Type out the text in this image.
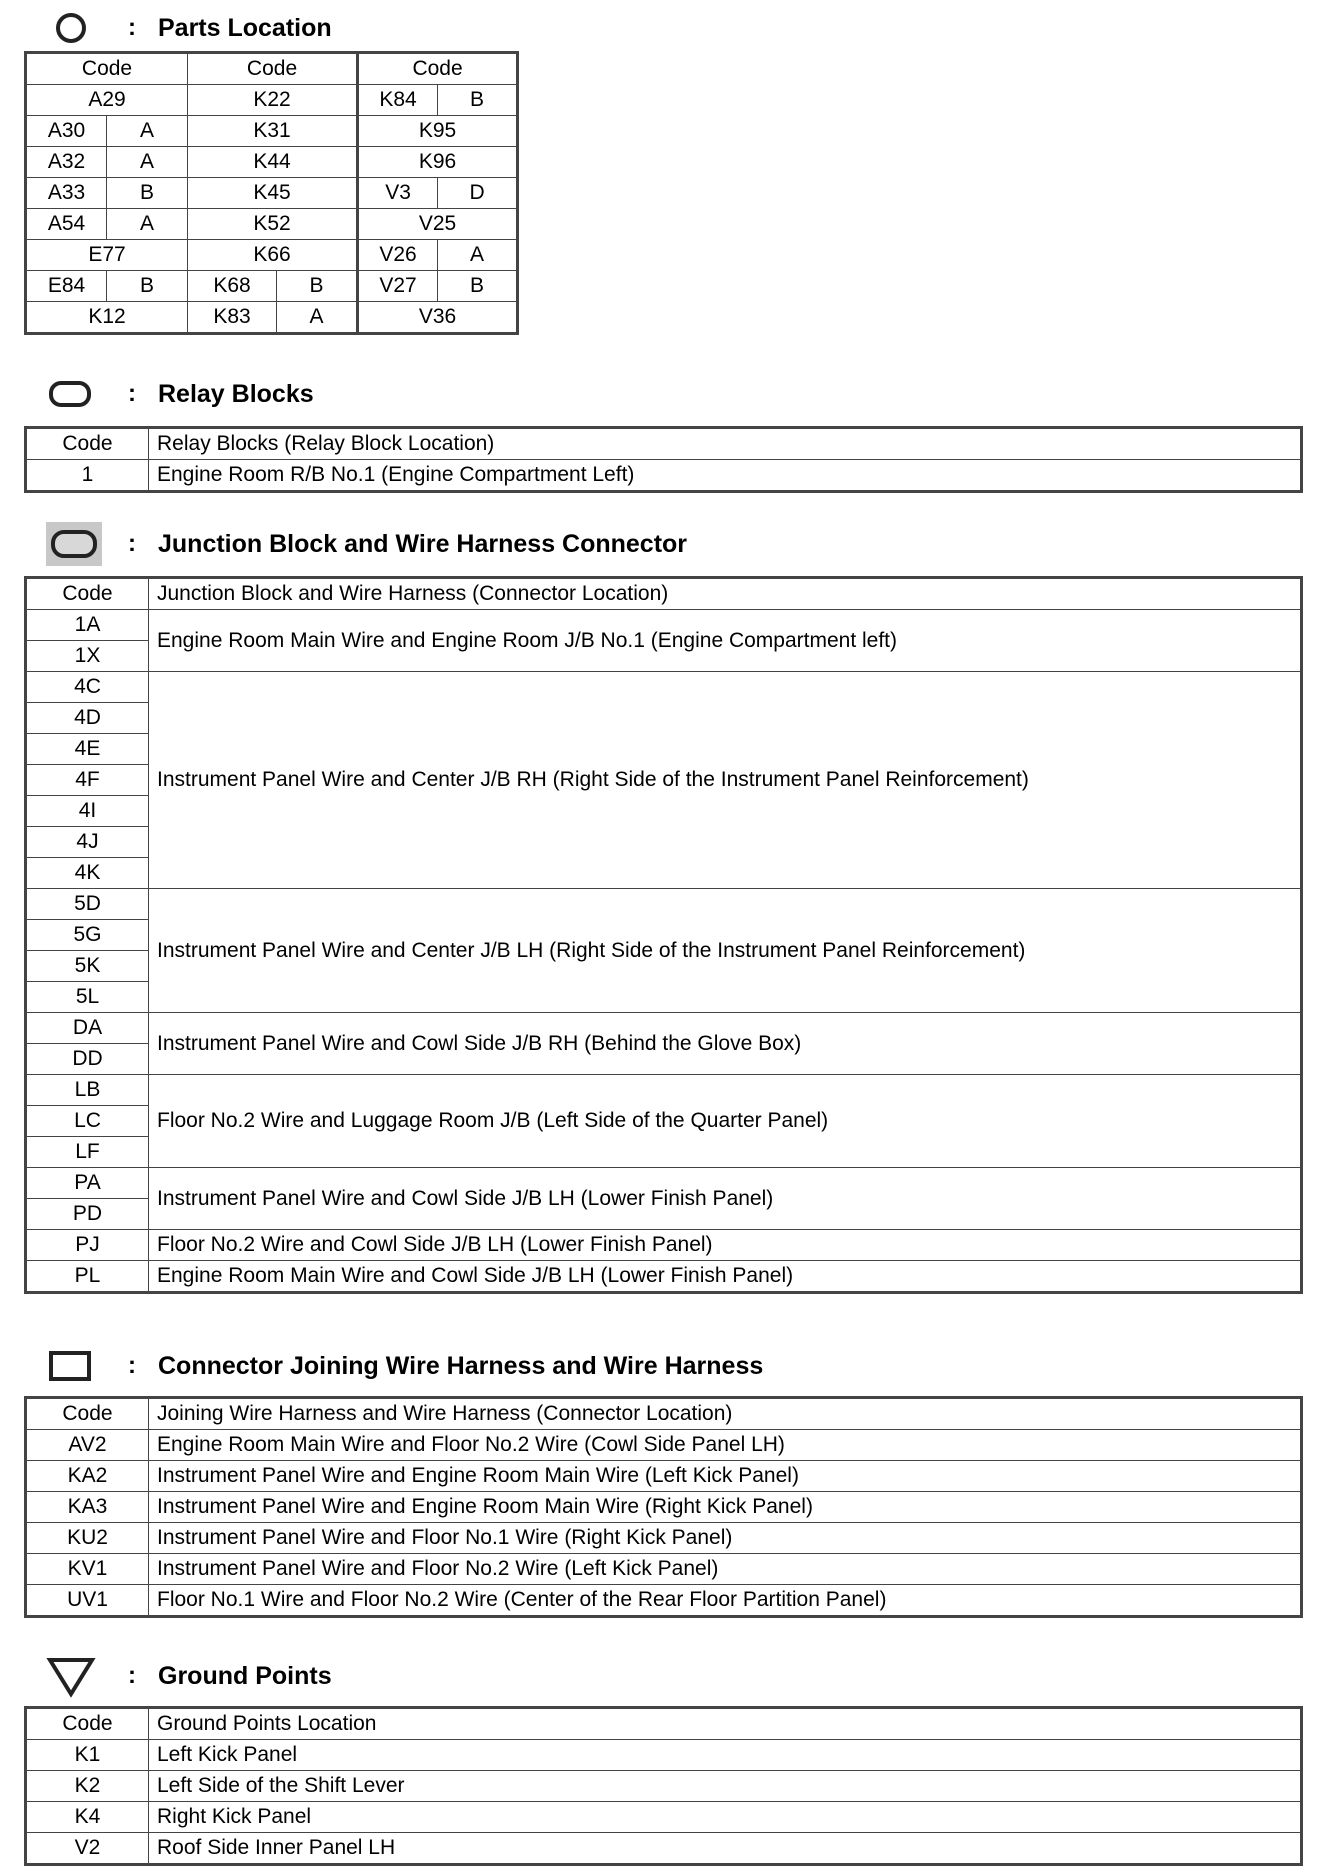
: Parts Location
Code		Code		Code	
A29		K22		K84	B
A30	A	K31		K95	
A32	A	K44		K96	
A33	B	K45		V3	D
A54	A	K52		V25	
E77		K66		V26	A
E84	B	K68	B	V27	B
K12		K83	A	V36	
: Relay Blocks
Code	Relay Blocks (Relay Block Location)
1	Engine Room R/B No.1 (Engine Compartment Left)
: Junction Block and Wire Harness Connector
Code	Junction Block and Wire Harness (Connector Location)
1A	Engine Room Main Wire and Engine Room J/B No.1 (Engine Compartment left)
1X	
4C	Instrument Panel Wire and Center J/B RH (Right Side of the Instrument Panel Reinforcement)
4D	
4E	
4F	
4I	
4J	
4K	
5D	Instrument Panel Wire and Center J/B LH (Right Side of the Instrument Panel Reinforcement)
5G	
5K	
5L	
DA	Instrument Panel Wire and Cowl Side J/B RH (Behind the Glove Box)
DD	
LB	Floor No.2 Wire and Luggage Room J/B (Left Side of the Quarter Panel)
LC	
LF	
PA	Instrument Panel Wire and Cowl Side J/B LH (Lower Finish Panel)
PD	
PJ	Floor No.2 Wire and Cowl Side J/B LH (Lower Finish Panel)
PL	Engine Room Main Wire and Cowl Side J/B LH (Lower Finish Panel)
: Connector Joining Wire Harness and Wire Harness
Code	Joining Wire Harness and Wire Harness (Connector Location)
AV2	Engine Room Main Wire and Floor No.2 Wire (Cowl Side Panel LH)
KA2	Instrument Panel Wire and Engine Room Main Wire (Left Kick Panel)
KA3	Instrument Panel Wire and Engine Room Main Wire (Right Kick Panel)
KU2	Instrument Panel Wire and Floor No.1 Wire (Right Kick Panel)
KV1	Instrument Panel Wire and Floor No.2 Wire (Left Kick Panel)
UV1	Floor No.1 Wire and Floor No.2 Wire (Center of the Rear Floor Partition Panel)
: Ground Points
Code	Ground Points Location
K1	Left Kick Panel
K2	Left Side of the Shift Lever
K4	Right Kick Panel
V2	Roof Side Inner Panel LH
